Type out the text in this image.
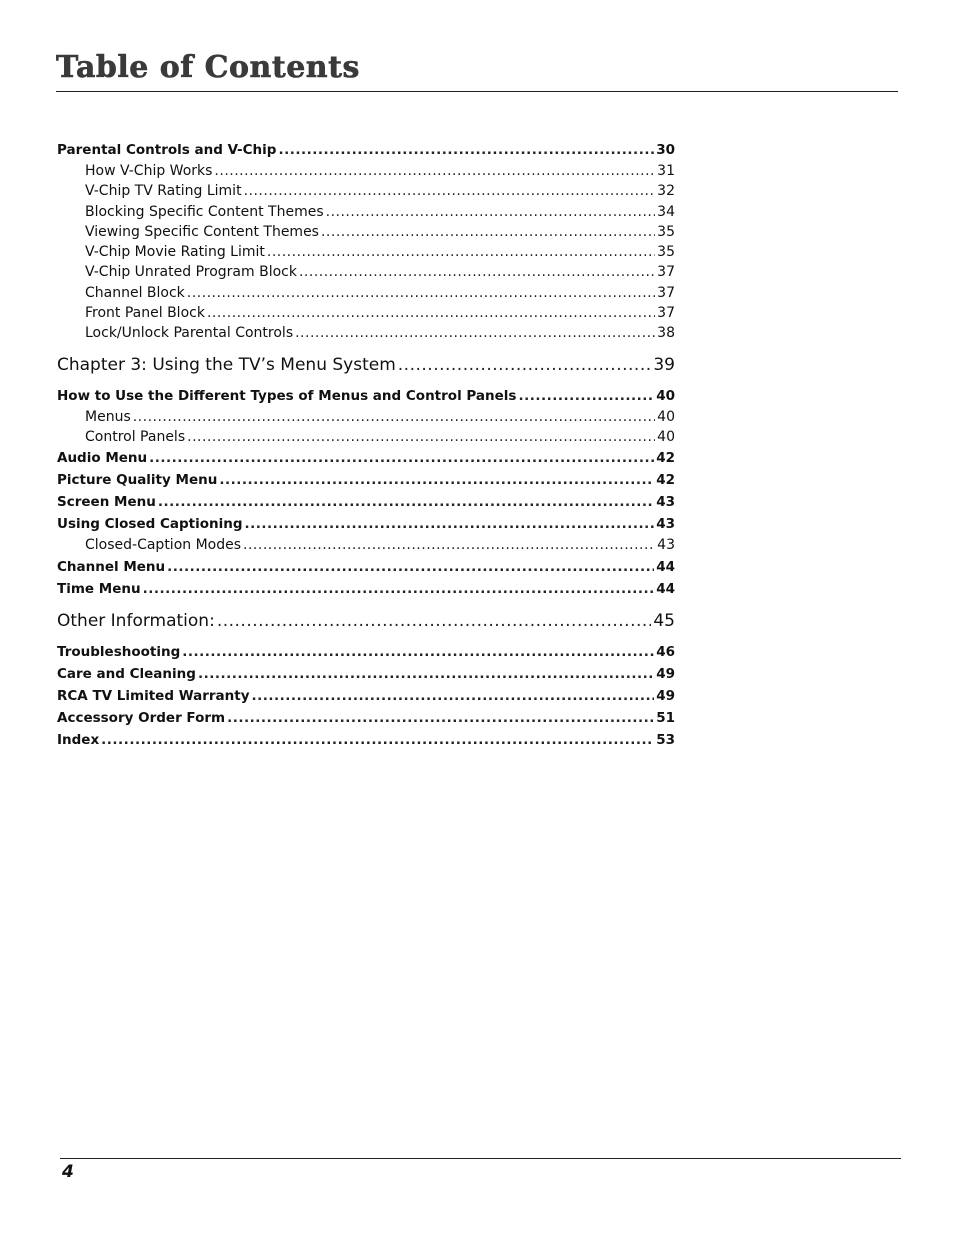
Table of Contents
Parental Controls and V-Chip .....	30
How V-Chip Works .....	31
V-Chip TV Rating Limit .....	32
Blocking Specific Content Themes .....	34
Viewing Specific Content Themes .....	35
V-Chip Movie Rating Limit .....	35
V-Chip Unrated Program Block .....	37
Channel Block .....	37
Front Panel Block .....	37
Lock/Unlock Parental Controls .....	38
Chapter 3: Using the TV’s Menu System .....	39
How to Use the Different Types of Menus and Control Panels .....	40
Menus .....	40
Control Panels .....	40
Audio Menu .....	42
Picture Quality Menu .....	42
Screen Menu .....	43
Using Closed Captioning .....	43
Closed-Caption Modes .....	43
Channel Menu .....	44
Time Menu .....	44
Other Information: .....	45
Troubleshooting .....	46
Care and Cleaning .....	49
RCA TV Limited Warranty .....	49
Accessory Order Form .....	51
Index .....	53
4
